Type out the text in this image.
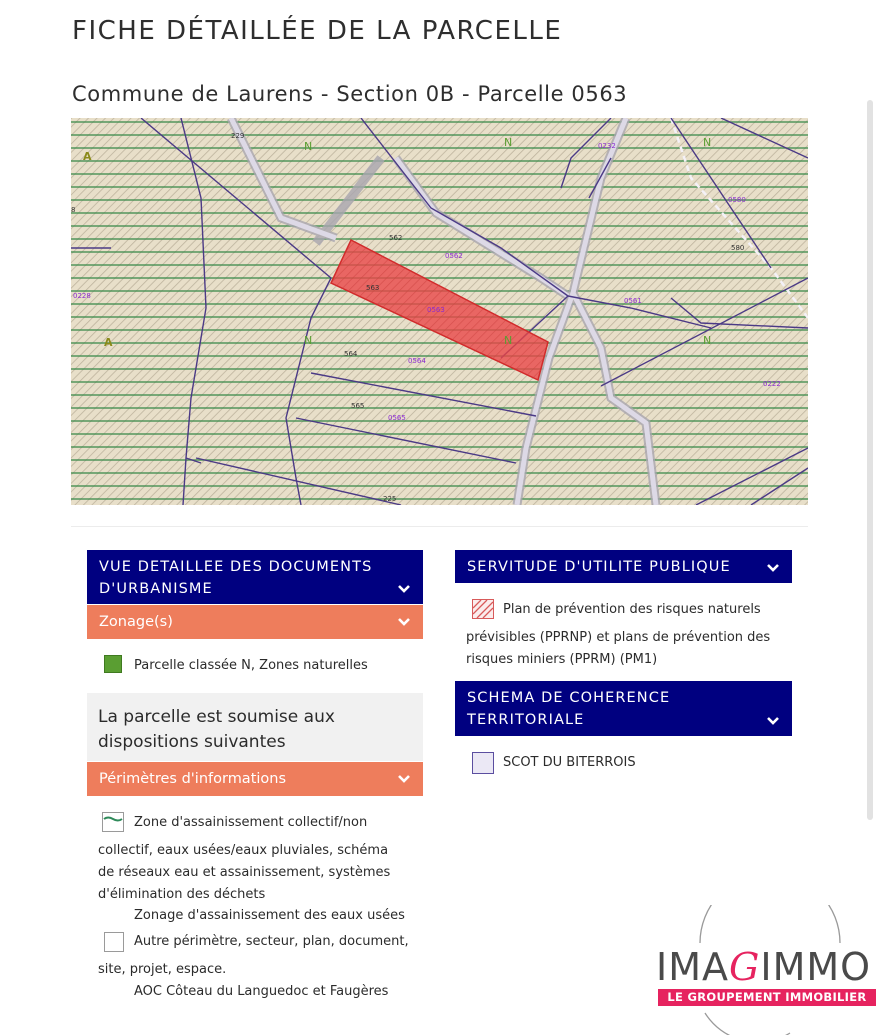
FICHE DÉTAILLÉE DE LA PARCELLE
Commune de Laurens - Section 0B - Parcelle 0563
A
A
N	N	N
N	N	N
229
225
8
580
562
563
564
565
0232
0580
0562
0563
0561
0564
0565
0228
0222
VUE DETAILLEE DES DOCUMENTS D'URBANISME
Zonage(s)
Parcelle classée N, Zones naturelles
La parcelle est soumise aux dispositions suivantes
Périmètres d'informations
Zone d'assainissement collectif/non
collectif, eaux usées/eaux pluviales, schéma de réseaux eau et assainissement, systèmes d'élimination des déchets
Zonage d'assainissement des eaux usées
Autre périmètre, secteur, plan, document,
site, projet, espace.
AOC Côteau du Languedoc et Faugères
SERVITUDE D'UTILITE PUBLIQUE
Plan de prévention des risques naturels
prévisibles (PPRNP) et plans de prévention des risques miniers (PPRM) (PM1)
SCHEMA DE COHERENCE TERRITORIALE
SCOT DU BITERROIS
IMAGIMMO
LE GROUPEMENT IMMOBILIER N°1
